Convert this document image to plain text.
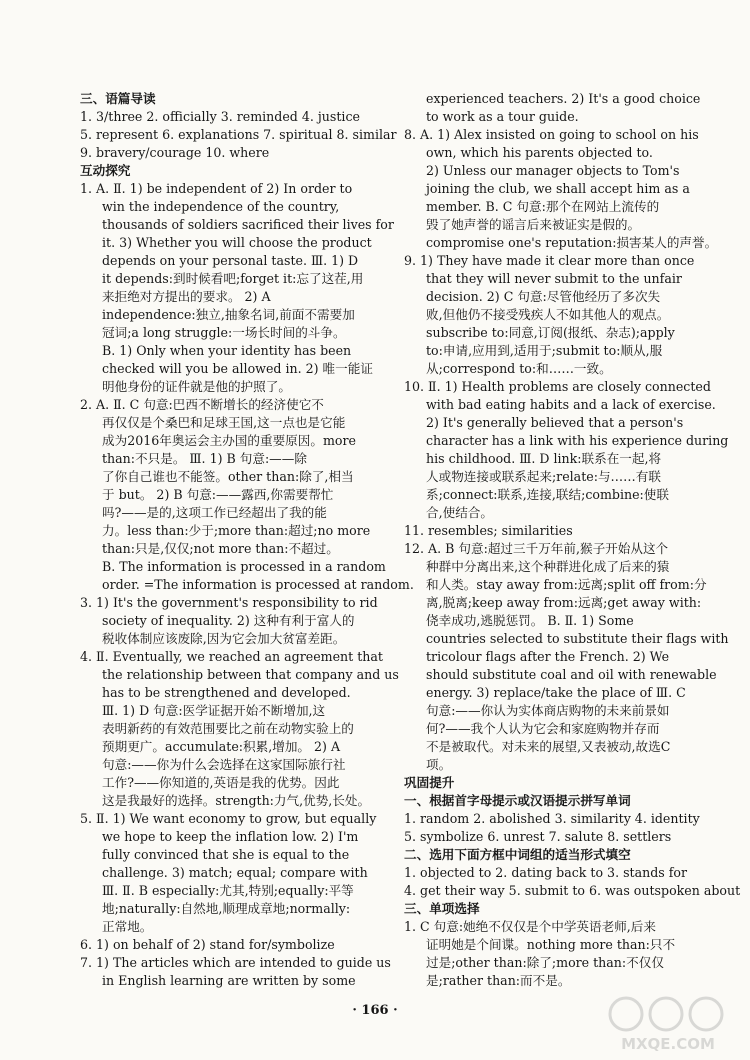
三、语篇导读
1. 3/three 2. officially 3. reminded 4. justice
5. represent 6. explanations 7. spiritual 8. similar
9. bravery/courage 10. where
互动探究
1. A. Ⅱ. 1) be independent of 2) In order to
win the independence of the country,
thousands of soldiers sacrificed their lives for
it. 3) Whether you will choose the product
depends on your personal taste. Ⅲ. 1) D
it depends:到时候看吧;forget it:忘了这茬,用
来拒绝对方提出的要求。 2) A
independence:独立,抽象名词,前面不需要加
冠词;a long struggle:一场长时间的斗争。
B. 1) Only when your identity has been
checked will you be allowed in. 2) 唯一能证
明他身份的证件就是他的护照了。
2. A. Ⅱ. C 句意:巴西不断增长的经济使它不
再仅仅是个桑巴和足球王国,这一点也是它能
成为2016年奥运会主办国的重要原因。more
than:不只是。 Ⅲ. 1) B 句意:——除
了你自己谁也不能签。other than:除了,相当
于 but。 2) B 句意:——露西,你需要帮忙
吗?——是的,这项工作已经超出了我的能
力。less than:少于;more than:超过;no more
than:只是,仅仅;not more than:不超过。
B. The information is processed in a random
order. =The information is processed at random.
3. 1) It's the government's responsibility to rid
society of inequality. 2) 这种有利于富人的
税收体制应该废除,因为它会加大贫富差距。
4. Ⅱ. Eventually, we reached an agreement that
the relationship between that company and us
has to be strengthened and developed.
Ⅲ. 1) D 句意:医学证据开始不断增加,这
表明新药的有效范围要比之前在动物实验上的
预期更广。accumulate:积累,增加。 2) A
句意:——你为什么会选择在这家国际旅行社
工作?——你知道的,英语是我的优势。因此
这是我最好的选择。strength:力气,优势,长处。
5. Ⅱ. 1) We want economy to grow, but equally
we hope to keep the inflation low. 2) I'm
fully convinced that she is equal to the
challenge. 3) match; equal; compare with
Ⅲ. Ⅱ. B especially:尤其,特别;equally:平等
地;naturally:自然地,顺理成章地;normally:
正常地。
6. 1) on behalf of 2) stand for/symbolize
7. 1) The articles which are intended to guide us
in English learning are written by some
experienced teachers. 2) It's a good choice
to work as a tour guide.
8. A. 1) Alex insisted on going to school on his
own, which his parents objected to.
2) Unless our manager objects to Tom's
joining the club, we shall accept him as a
member. B. C 句意:那个在网站上流传的
毁了她声誉的谣言后来被证实是假的。
compromise one's reputation:损害某人的声誉。
9. 1) They have made it clear more than once
that they will never submit to the unfair
decision. 2) C 句意:尽管他经历了多次失
败,但他仍不接受残疾人不如其他人的观点。
subscribe to:同意,订阅(报纸、杂志);apply
to:申请,应用到,适用于;submit to:顺从,服
从;correspond to:和……一致。
10. Ⅱ. 1) Health problems are closely connected
with bad eating habits and a lack of exercise.
2) It's generally believed that a person's
character has a link with his experience during
his childhood. Ⅲ. D link:联系在一起,将
人或物连接或联系起来;relate:与……有联
系;connect:联系,连接,联结;combine:使联
合,使结合。
11. resembles; similarities
12. A. B 句意:超过三千万年前,猴子开始从这个
种群中分离出来,这个种群进化成了后来的猿
和人类。stay away from:远离;split off from:分
离,脱离;keep away from:远离;get away with:
侥幸成功,逃脱惩罚。 B. Ⅱ. 1) Some
countries selected to substitute their flags with
tricolour flags after the French. 2) We
should substitute coal and oil with renewable
energy. 3) replace/take the place of Ⅲ. C
句意:——你认为实体商店购物的未来前景如
何?——我个人认为它会和家庭购物并存而
不是被取代。对未来的展望,又表被动,故选C
项。
巩固提升
一、根据首字母提示或汉语提示拼写单词
1. random 2. abolished 3. similarity 4. identity
5. symbolize 6. unrest 7. salute 8. settlers
二、选用下面方框中词组的适当形式填空
1. objected to 2. dating back to 3. stands for
4. get their way 5. submit to 6. was outspoken about
三、单项选择
1. C 句意:她绝不仅仅是个中学英语老师,后来
证明她是个间谍。nothing more than:只不
过是;other than:除了;more than:不仅仅
是;rather than:而不是。
· 166 ·
MXQE.COM
